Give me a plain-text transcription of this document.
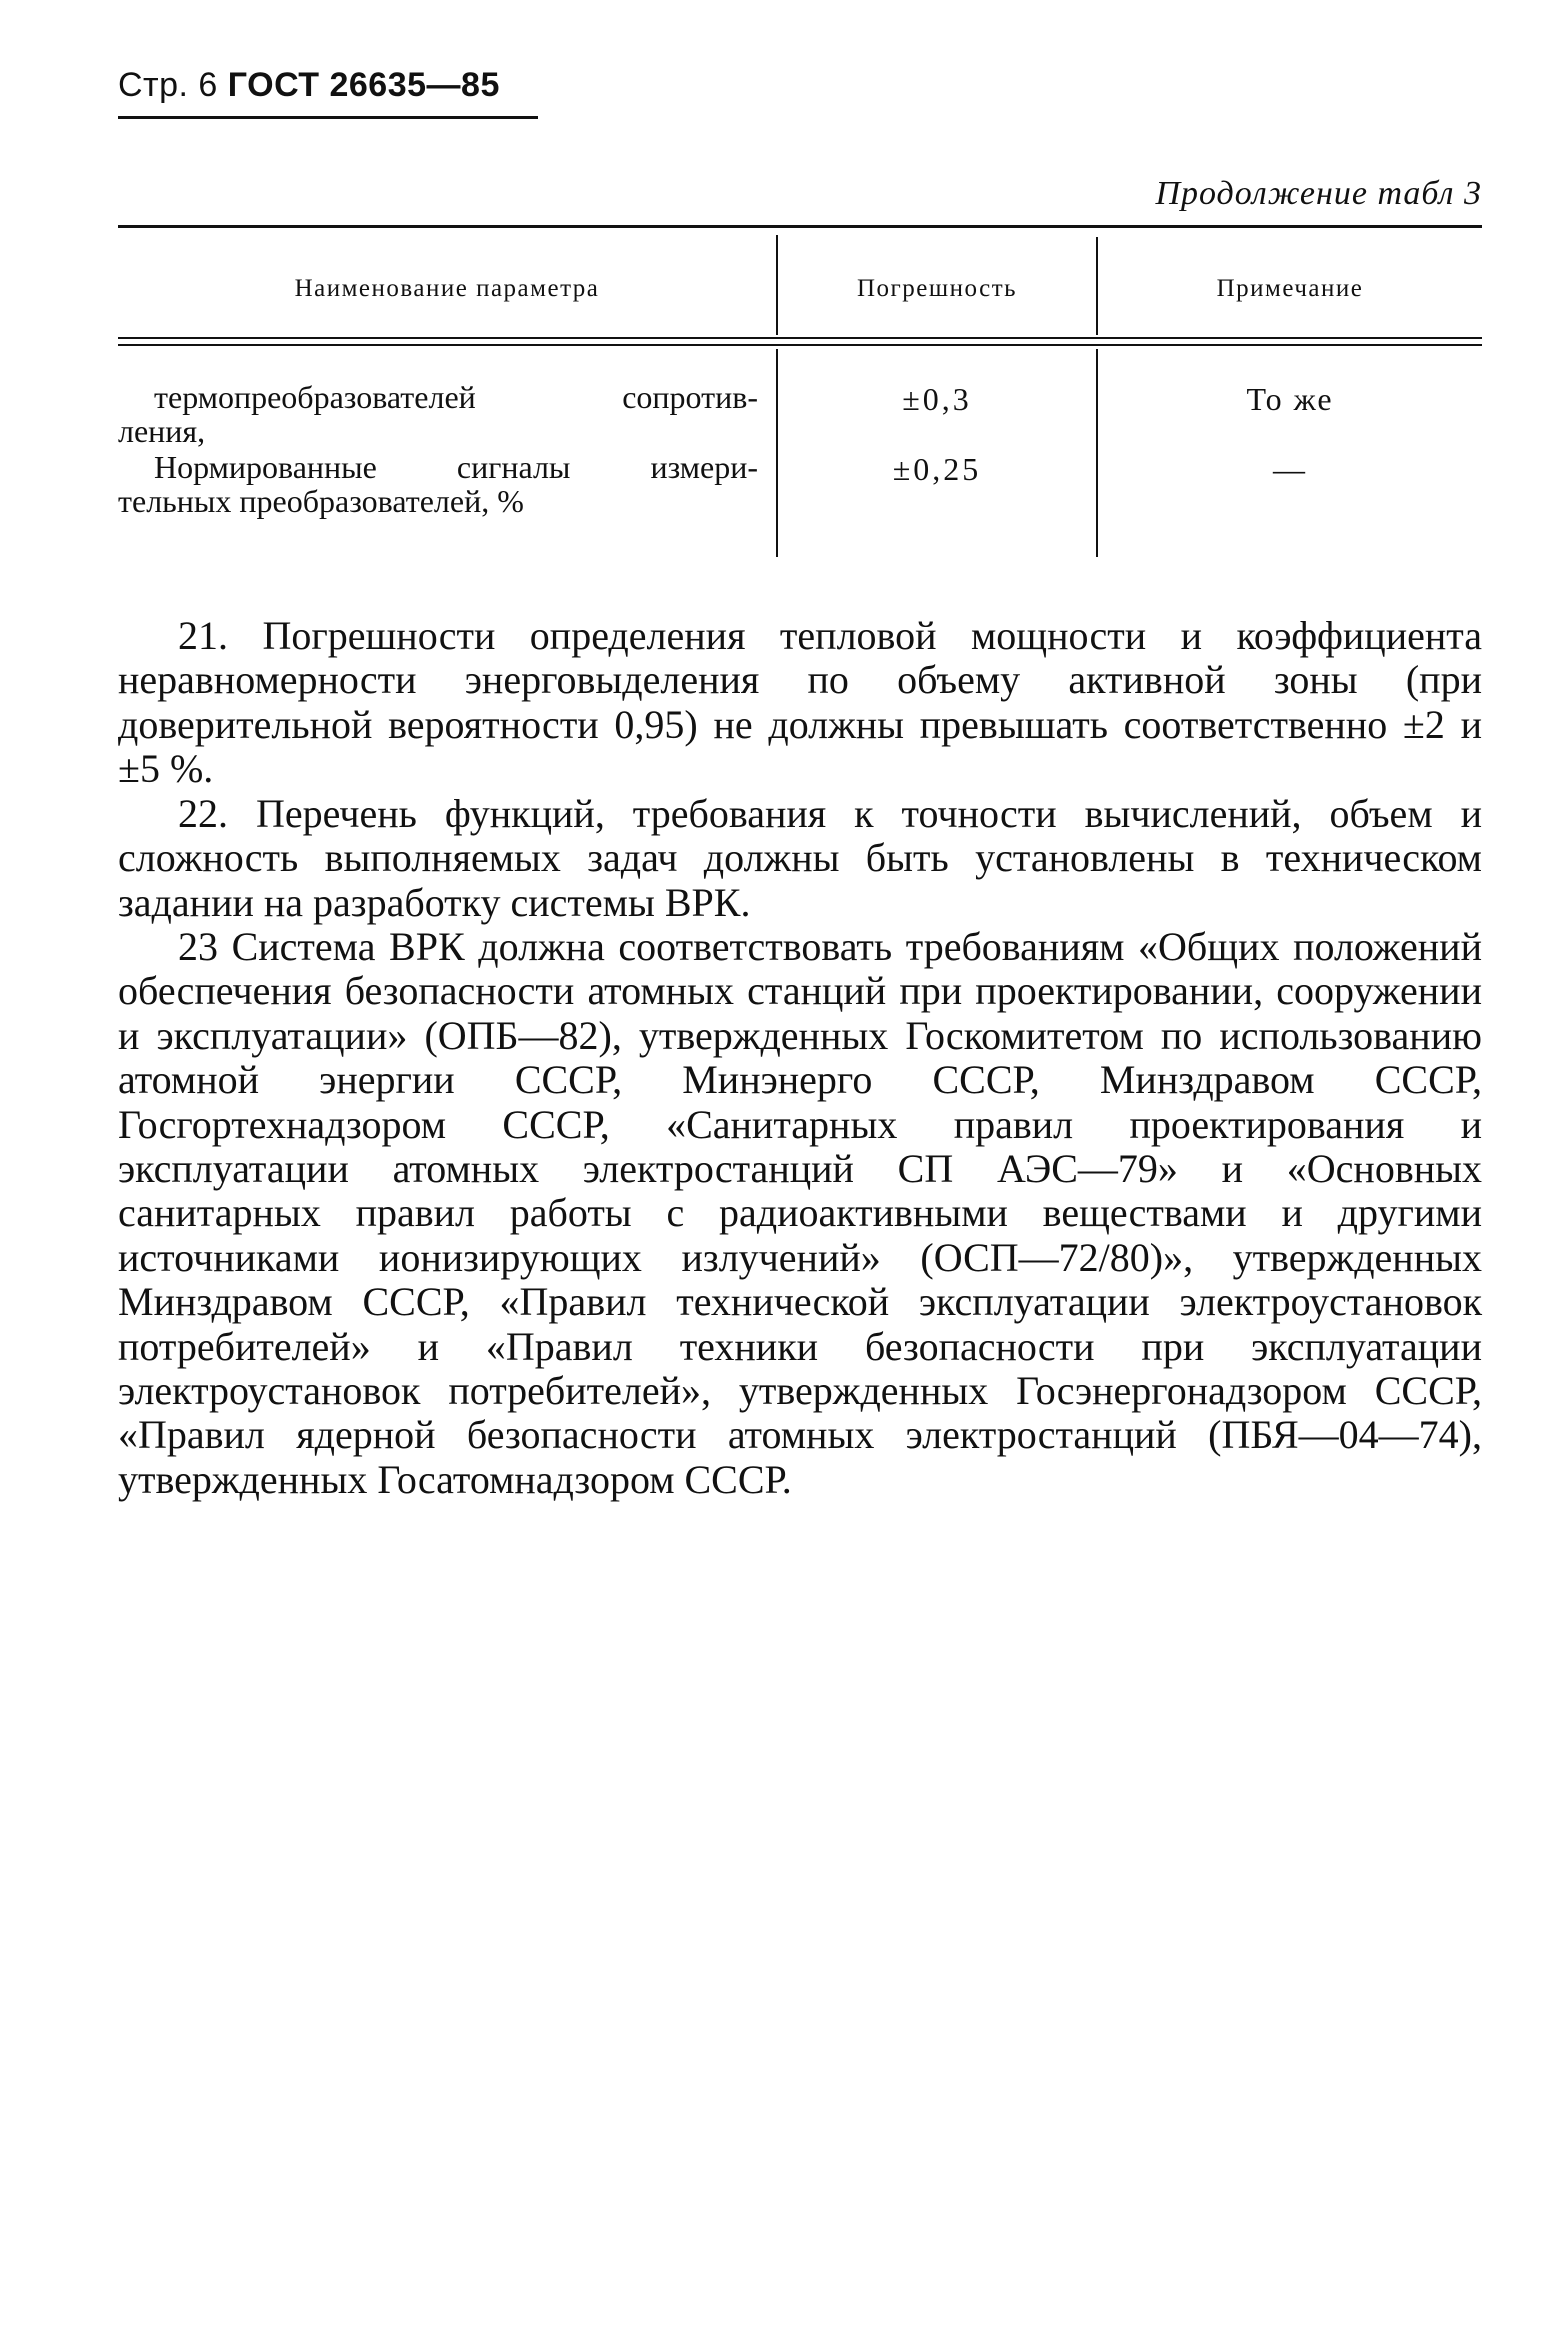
Стр. 6 ГОСТ 26635—85
Продолжение табл 3
Наименование параметра	Погрешность	Примечание
термопреобразователей сопротив-
ления,
±0,3	То же
Нормированные сигналы измери-
тельных преобразователей, %
±0,25	—

21. Погрешности определения тепловой мощности и коэффициента неравномерности энерговыделения по объему активной зоны (при доверительной вероятности 0,95) не должны превышать соответственно ±2 и ±5 %.

22. Перечень функций, требования к точности вычислений, объем и сложность выполняемых задач должны быть установлены в техническом задании на разработку системы ВРК.

23 Система ВРК должна соответствовать требованиям «Общих положений обеспечения безопасности атомных станций при проектировании, сооружении и эксплуатации» (ОПБ—82), утвержденных Госкомитетом по использованию атомной энергии СССР, Минэнерго СССР, Минздравом СССР, Госгортехнадзором СССР, «Санитарных правил проектирования и эксплуатации атомных электростанций СП АЭС—79» и «Основных санитарных правил работы с радиоактивными веществами и другими источниками ионизирующих излучений» (ОСП—72/80)», утвержденных Минздравом СССР, «Правил технической эксплуатации электроустановок потребителей» и «Правил техники безопасности при эксплуатации электроустановок потребителей», утвержденных Госэнергонадзором СССР, «Правил ядерной безопасности атомных электростанций (ПБЯ—04—74), утвержденных Госатомнадзором СССР.
